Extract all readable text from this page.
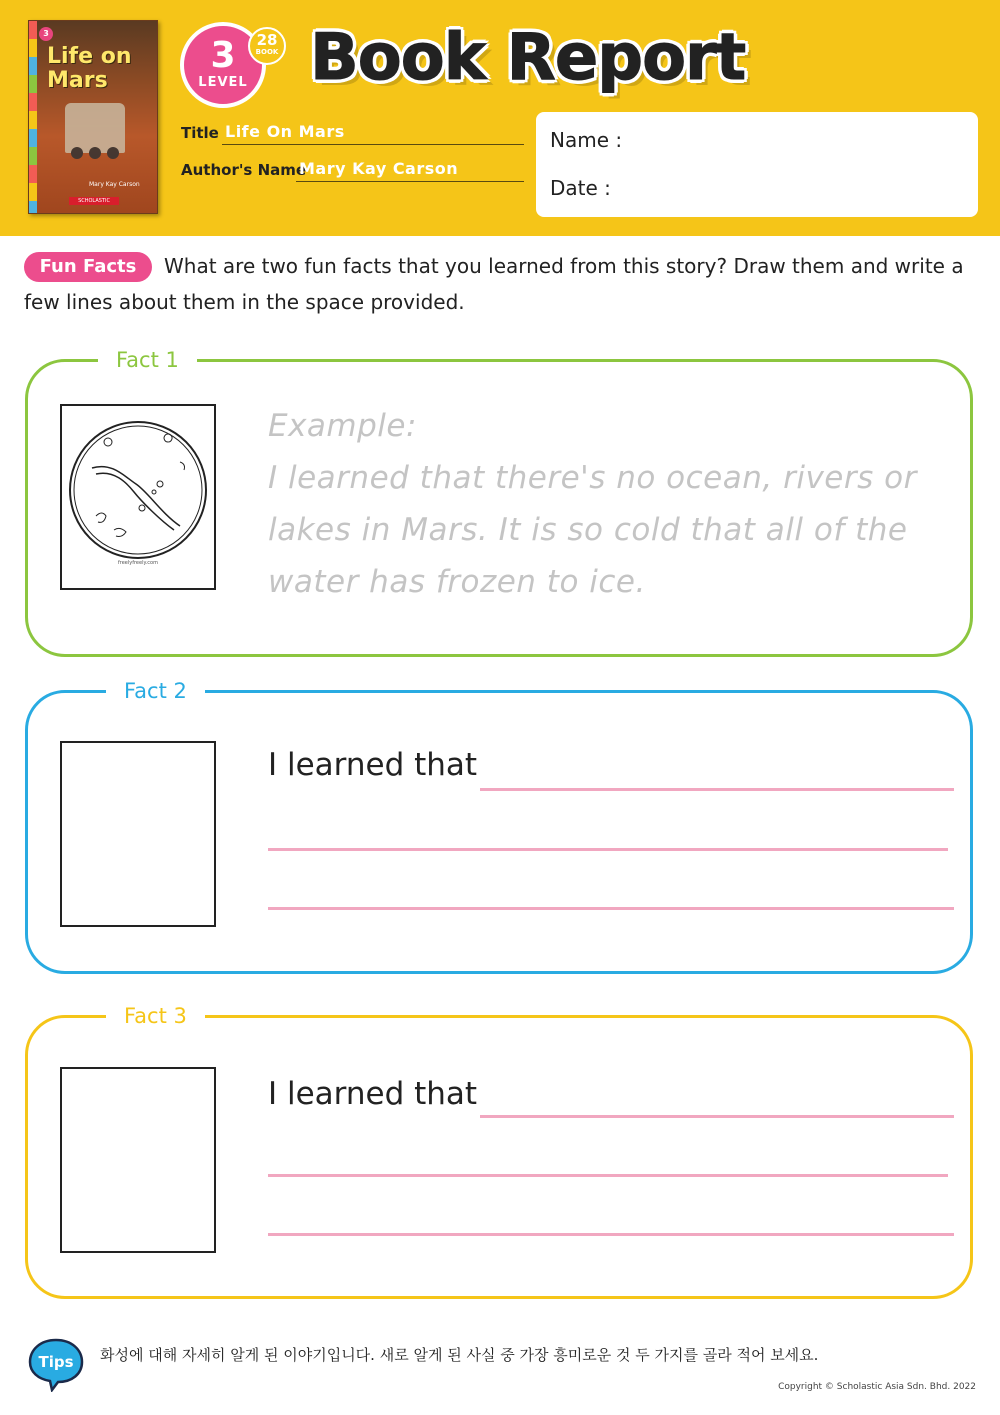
3
Life on Mars
Mary Kay Carson
SCHOLASTIC
3
LEVEL
28
BOOK Book Report
Title Life On Mars
Author's Name
Mary Kay Carson
Name :
Date :
What are two fun facts that you learned from this story? Draw them and write a few lines about them in the space provided.
Fun Facts
Fact 1
freelyfreely.com
Example:
I learned that there's no ocean, rivers or lakes in Mars. It is so cold that all of the water has frozen to ice.
Fact 2
I learned that
Fact 3
I learned that
Tips 화성에 대해 자세히 알게 된 이야기입니다. 새로 알게 된 사실 중 가장 흥미로운 것 두 가지를 골라 적어 보세요.
Copyright © Scholastic Asia Sdn. Bhd. 2022
